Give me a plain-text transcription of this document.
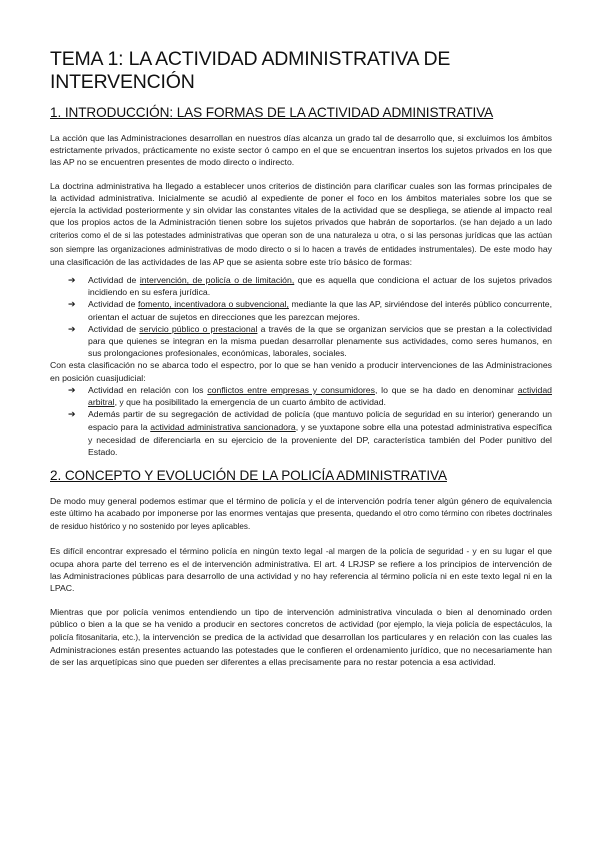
TEMA 1: LA ACTIVIDAD ADMINISTRATIVA DE INTERVENCIÓN
1. INTRODUCCIÓN: LAS FORMAS DE LA ACTIVIDAD ADMINISTRATIVA

La acción que las Administraciones desarrollan en nuestros días alcanza un grado tal de desarrollo que, si excluimos los ámbitos estrictamente privados, prácticamente no existe sector ó campo en el que se encuentran insertos los sujetos privados en los que las AP no se encuentren presentes de modo directo o indirecto.

La doctrina administrativa ha llegado a establecer unos criterios de distinción para clarificar cuales son las formas principales de la actividad administrativa. Inicialmente se acudió al expediente de poner el foco en los ámbitos materiales sobre los que se ejercía la actividad posteriormente y sin olvidar las constantes vitales de la actividad que se despliega, se atiende al impacto real que los propios actos de la Administración tienen sobre los sujetos privados que habrán de soportarlos. (se han dejado a un lado criterios como el de si las potestades administrativas que operan son de una naturaleza u otra, o si las personas jurídicas que las actúan son siempre las organizaciones administrativas de modo directo o si lo hacen a través de entidades instrumentales). De este modo hay una clasificación de las actividades de las AP que se asienta sobre este trío básico de formas:

➔ Actividad de intervención, de policía o de limitación, que es aquella que condiciona el actuar de los sujetos privados incidiendo en su esfera jurídica.
➔ Actividad de fomento, incentivadora o subvencional, mediante la que las AP, sirviéndose del interés público concurrente, orientan el actuar de sujetos en direcciones que les parezcan mejores.
➔ Actividad de servicio público o prestacional a través de la que se organizan servicios que se prestan a la colectividad para que quienes se integran en la misma puedan desarrollar plenamente sus actividades, como seres humanos, en sus prolongaciones profesionales, económicas, laborales, sociales.

Con esta clasificación no se abarca todo el espectro, por lo que se han venido a producir intervenciones de las Administraciones en posición cuasijudicial:

➔ Actividad en relación con los conflictos entre empresas y consumidores, lo que se ha dado en denominar actividad arbitral, y que ha posibilitado la emergencia de un cuarto ámbito de actividad.
➔ Además partir de su segregación de actividad de policía (que mantuvo policía de seguridad en su interior) generando un espacio para la actividad administrativa sancionadora, y se yuxtapone sobre ella una potestad administrativa específica y necesidad de diferenciarla en su ejercicio de la proveniente del DP, característica también del Poder punitivo del Estado.
2. CONCEPTO Y EVOLUCIÓN DE LA POLICÍA ADMINISTRATIVA

De modo muy general podemos estimar que el término de policía y el de intervención podría tener algún género de equivalencia este último ha acabado por imponerse por las enormes ventajas que presenta, quedando el otro como término con ribetes doctrinales de residuo histórico y no sostenido por leyes aplicables.

Es difícil encontrar expresado el término policía en ningún texto legal -al margen de la policía de seguridad - y en su lugar el que ocupa ahora parte del terreno es el de intervención administrativa. El art. 4 LRJSP se refiere a los principios de intervención de las Administraciones públicas para desarrollo de una actividad y no hay referencia al término policía ni en este texto legal ni en la LPAC.

Mientras que por policía venimos entendiendo un tipo de intervención administrativa vinculada o bien al denominado orden público o bien a la que se ha venido a producir en sectores concretos de actividad (por ejemplo, la vieja policía de espectáculos, la policía fitosanitaria, etc.), la intervención se predica de la actividad que desarrollan los particulares y en relación con las cuales las Administraciones están presentes actuando las potestades que le confieren el ordenamiento jurídico, que no necesariamente han de ser las arquetípicas sino que pueden ser diferentes a ellas precisamente para no restar potencia a esa actividad.
